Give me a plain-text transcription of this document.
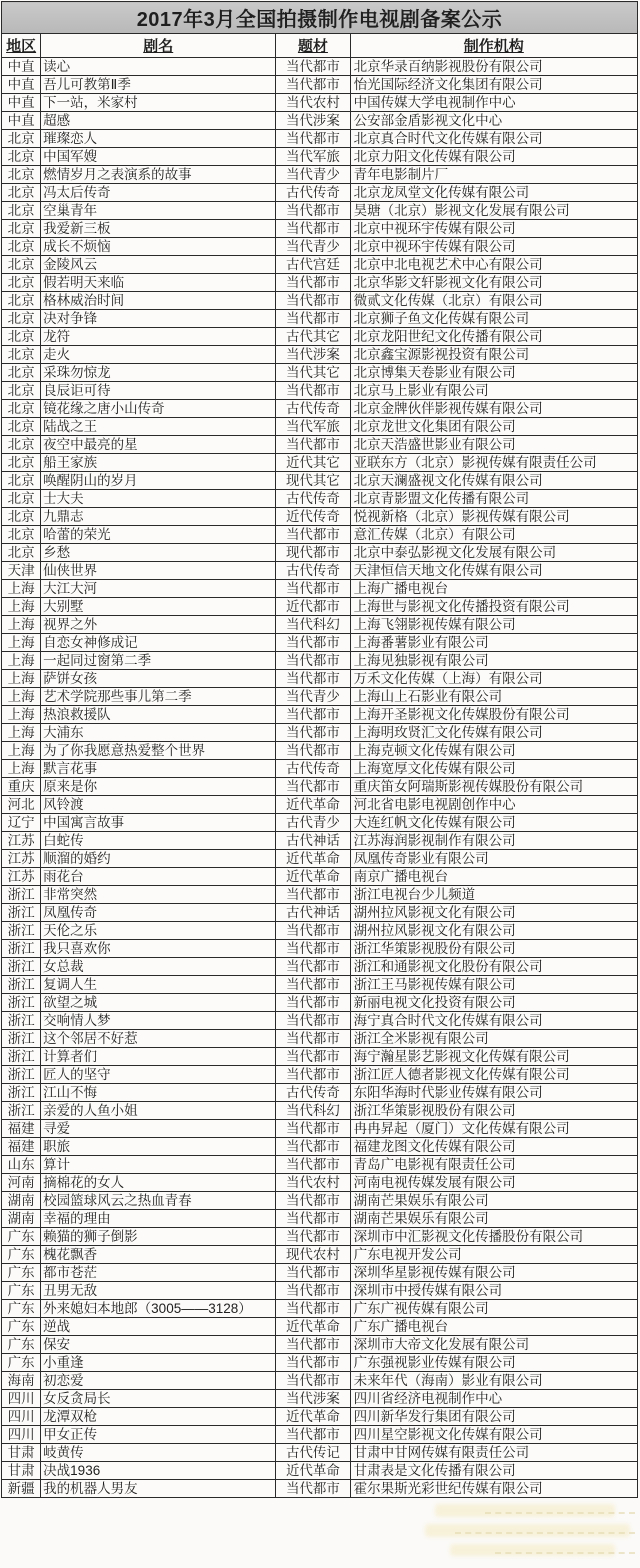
2017年3月全国拍摄制作电视剧备案公示			
地区	剧名	题材	制作机构
中直	读心	当代都市	北京华录百纳影视股份有限公司
中直	吾儿可教第Ⅱ季	当代都市	怡光国际经济文化集团有限公司
中直	下一站，米家村	当代农村	中国传媒大学电视制作中心
中直	超感	当代涉案	公安部金盾影视文化中心
北京	璀璨恋人	当代都市	北京真合时代文化传媒有限公司
北京	中国军嫂	当代军旅	北京力阳文化传媒有限公司
北京	燃情岁月之表演系的故事	当代青少	青年电影制片厂
北京	冯太后传奇	古代传奇	北京龙凤堂文化传媒有限公司
北京	空巢青年	当代都市	昊瑭（北京）影视文化发展有限公司
北京	我爱新三板	当代都市	北京中视环宇传媒有限公司
北京	成长不烦恼	当代青少	北京中视环宇传媒有限公司
北京	金陵风云	古代宫廷	北京中北电视艺术中心有限公司
北京	假若明天来临	当代都市	北京华影文轩影视文化有限公司
北京	格林威治时间	当代都市	微贰文化传媒（北京）有限公司
北京	决对争锋	当代都市	北京狮子鱼文化传媒有限公司
北京	龙符	古代其它	北京龙阳世纪文化传播有限公司
北京	走火	当代涉案	北京鑫宝源影视投资有限公司
北京	采珠勿惊龙	当代其它	北京博集天卷影业有限公司
北京	良辰讵可待	当代都市	北京马上影业有限公司
北京	镜花缘之唐小山传奇	古代传奇	北京金牌伙伴影视传媒有限公司
北京	陆战之王	当代军旅	北京龙世文化集团有限公司
北京	夜空中最亮的星	当代都市	北京天浩盛世影业有限公司
北京	船王家族	近代其它	亚联东方（北京）影视传媒有限责任公司
北京	唤醒阴山的岁月	现代其它	北京天澜盛视文化传媒有限公司
北京	士大夫	古代传奇	北京青影盟文化传播有限公司
北京	九鼎志	近代传奇	悦视新格（北京）影视传媒有限公司
北京	哈蕾的荣光	当代都市	意汇传媒（北京）有限公司
北京	乡愁	现代都市	北京中泰弘影视文化发展有限公司
天津	仙侠世界	古代传奇	天津恒信天地文化传媒有限公司
上海	大江大河	当代都市	上海广播电视台
上海	大别墅	近代都市	上海世与影视文化传播投资有限公司
上海	视界之外	当代科幻	上海飞翎影视传媒有限公司
上海	自恋女神修成记	当代都市	上海番薯影业有限公司
上海	一起同过窗第二季	当代都市	上海见独影视有限公司
上海	萨饼女孩	当代都市	万禾文化传媒（上海）有限公司
上海	艺术学院那些事儿第二季	当代青少	上海山上石影业有限公司
上海	热浪救援队	当代都市	上海开圣影视文化传媒股份有限公司
上海	大浦东	当代都市	上海明玫贤汇文化传媒有限公司
上海	为了你我愿意热爱整个世界	当代都市	上海克顿文化传媒有限公司
上海	默言花事	古代传奇	上海宽厚文化传媒有限公司
重庆	原来是你	当代都市	重庆笛女阿瑞斯影视传媒股份有限公司
河北	风铃渡	近代革命	河北省电影电视剧创作中心
辽宁	中国寓言故事	古代青少	大连红帆文化传媒有限公司
江苏	白蛇传	古代神话	江苏海润影视制作有限公司
江苏	顺溜的婚约	近代革命	凤凰传奇影业有限公司
江苏	雨花台	近代革命	南京广播电视台
浙江	非常突然	当代都市	浙江电视台少儿频道
浙江	凤凰传奇	古代神话	湖州拉风影视文化有限公司
浙江	天伦之乐	当代都市	湖州拉风影视文化有限公司
浙江	我只喜欢你	当代都市	浙江华策影视股份有限公司
浙江	女总裁	当代都市	浙江和通影视文化股份有限公司
浙江	复调人生	当代都市	浙江王马影视传媒有限公司
浙江	欲望之城	当代都市	新丽电视文化投资有限公司
浙江	交响情人梦	当代都市	海宁真合时代文化传媒有限公司
浙江	这个邻居不好惹	当代都市	浙江全米影视有限公司
浙江	计算者们	当代都市	海宁瀚星影艺影视文化传媒有限公司
浙江	匠人的坚守	当代都市	浙江匠人德者影视文化传媒有限公司
浙江	江山不悔	古代传奇	东阳华海时代影业传媒有限公司
浙江	亲爱的人鱼小姐	当代科幻	浙江华策影视股份有限公司
福建	寻爱	当代都市	冉冉昇起（厦门）文化传媒有限公司
福建	职旅	当代都市	福建龙图文化传媒有限公司
山东	算计	当代都市	青岛广电影视有限责任公司
河南	摘棉花的女人	当代农村	河南电视传媒发展有限公司
湖南	校园篮球风云之热血青春	当代都市	湖南芒果娱乐有限公司
湖南	幸福的理由	当代都市	湖南芒果娱乐有限公司
广东	赖猫的狮子倒影	当代都市	深圳市中汇影视文化传播股份有限公司
广东	槐花飘香	现代农村	广东电视开发公司
广东	都市苍茫	当代都市	深圳华星影视传媒有限公司
广东	丑男无敌	当代都市	深圳市中授传媒有限公司
广东	外来媳妇本地郎（3005——3128）	当代都市	广东广视传媒有限公司
广东	逆战	近代革命	广东广播电视台
广东	保安	当代都市	深圳市大帝文化发展有限公司
广东	小重逢	当代都市	广东强视影业传媒有限公司
海南	初恋爱	当代都市	未来年代（海南）影业有限公司
四川	女反贪局长	当代涉案	四川省经济电视制作中心
四川	龙潭双枪	近代革命	四川新华发行集团有限公司
四川	甲女正传	当代都市	四川星空影视文化传媒有限公司
甘肃	岐黄传	古代传记	甘肃中甘网传媒有限责任公司
甘肃	决战1936	近代革命	甘肃表是文化传播有限公司
新疆	我的机器人男友	当代都市	霍尔果斯光彩世纪传媒有限公司
